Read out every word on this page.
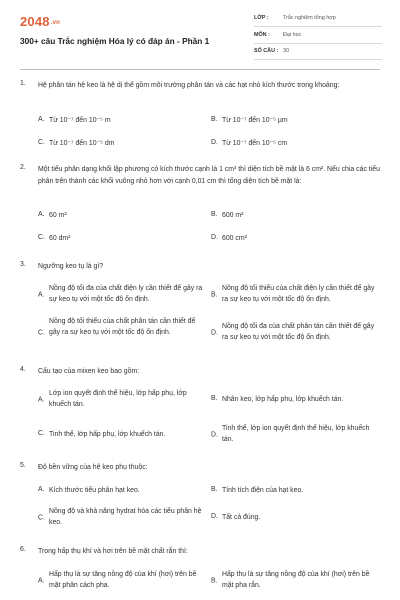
2048.vn
300+ câu Trắc nghiệm Hóa lý có đáp án - Phần 1
LỚP :	Trắc nghiệm tổng hợp
MÔN : Đại học
SỐ CÂU : 30
1. Hệ phân tán hệ keo là hệ dị thể gồm môi trường phân tán và các hạt nhỏ kích thước trong khoảng:
A. Từ 10⁻⁷ đến 10⁻⁵ m	B. Từ 10⁻⁷ đến 10⁻⁵ μm
C. Từ 10⁻⁷ đến 10⁻⁵ dm	D. Từ 10⁻⁷ đến 10⁻⁵ cm
2. Một tiểu phân dạng khối lập phương có kích thước cạnh là 1 cm³ thì diện tích bề mặt là 6 cm². Nếu chia các tiểu phân trên thành các khối vuông nhỏ hơn với cạnh 0,01 cm thì tổng diện tích bề mặt là:
A. 60 m²	B. 600 m²
C. 60 dm²	D. 600 cm²
3. Ngưỡng keo tụ là gì?
A.
Nồng độ tối đa của chất điện ly cần thiết để gây ra sự keo tụ với một tốc độ ổn định.
B.
Nồng độ tối thiểu của chất điện ly cần thiết để gây ra sự keo tụ với một tốc độ ổn định.
C.
Nồng độ tối thiểu của chất phân tán cần thiết để gây ra sự keo tụ với một tốc độ ổn định.	D.
Nồng độ tối đa của chất phân tán cần thiết để gây ra sự keo tụ với một tốc độ ổn định.
4. Cấu tạo của mixen keo bao gồm:
A.
Lớp ion quyết định thế hiệu, lớp hấp phụ, lớp khuếch tán.
B. Nhân keo, lớp hấp phụ, lớp khuếch tán.
C. Tinh thể, lớp hấp phụ, lớp khuếch tán.	D.
Tinh thể, lớp ion quyết định thế hiệu, lớp khuếch tán.
5. Độ bền vững của hệ keo phụ thuộc:
A. Kích thước tiểu phân hạt keo.	B. Tính tích điện của hạt keo.
C.
Nồng độ và khả năng hydrat hóa các tiểu phân hệ keo.
D. Tất cả đúng.
6. Trong hấp thụ khí và hơi trên bề mặt chất rắn thì:
A.
Hấp thụ là sự tăng nồng độ của khí (hơi) trên bề mặt phân cách pha.
B.
Hấp thụ là sự tăng nồng độ của khí (hơi) trên bề mặt pha rắn.
